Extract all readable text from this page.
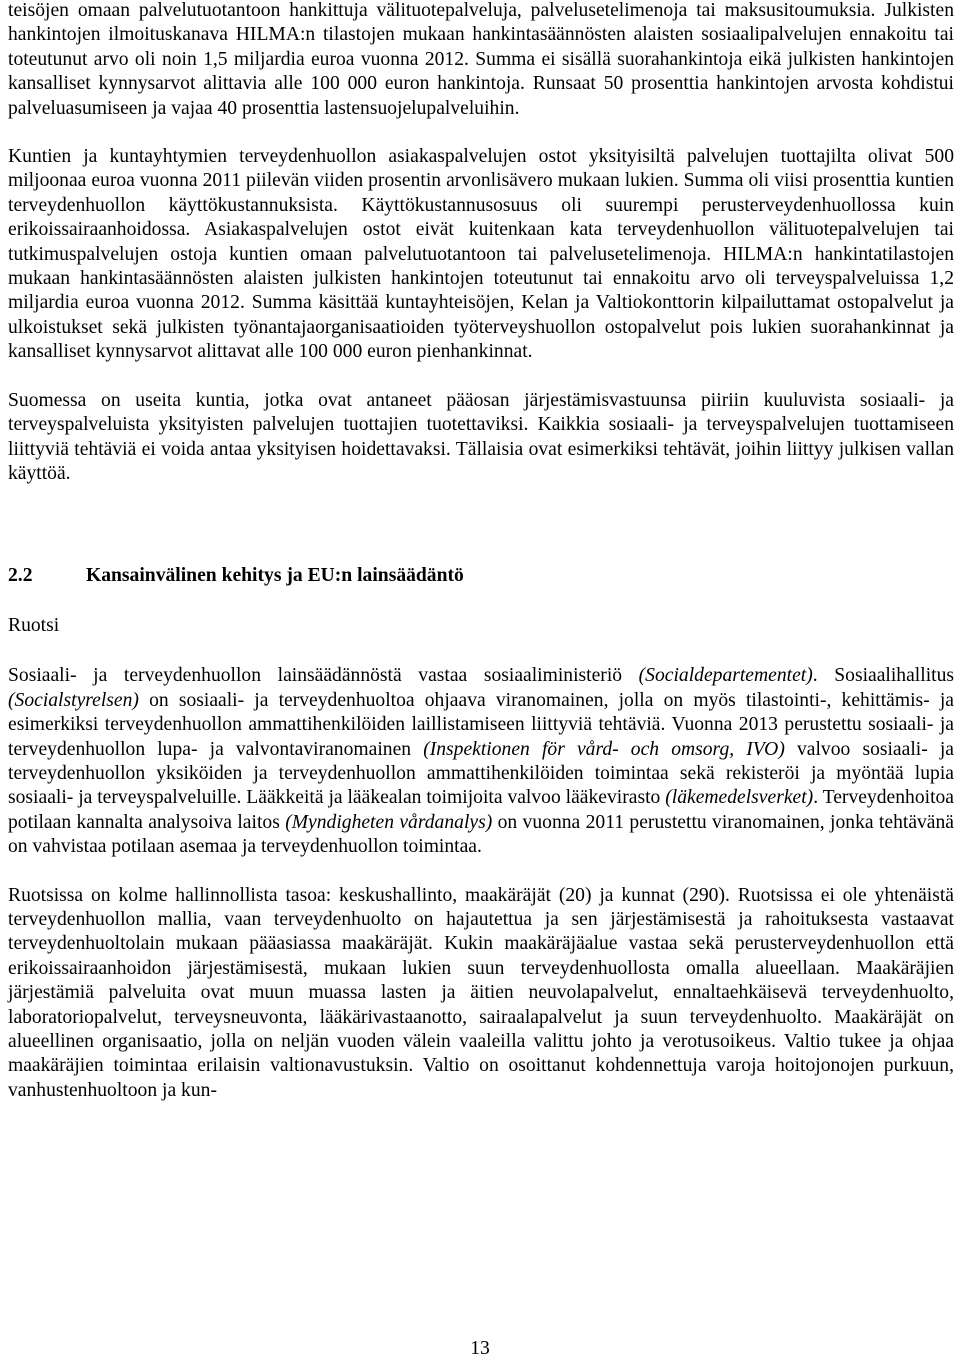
teisöjen omaan palvelutuotantoon hankittuja välituotepalveluja, palvelusetelimenoja tai maksusitoumuksia. Julkisten hankintojen ilmoituskanava HILMA:n tilastojen mukaan hankintasäännösten alaisten sosiaalipalvelujen ennakoitu tai toteutunut arvo oli noin 1,5 miljardia euroa vuonna 2012. Summa ei sisällä suorahankintoja eikä julkisten hankintojen kansalliset kynnysarvot alittavia alle 100 000 euron hankintoja. Runsaat 50 prosenttia hankintojen arvosta kohdistui palveluasumiseen ja vajaa 40 prosenttia lastensuojelupalveluihin.

Kuntien ja kuntayhtymien terveydenhuollon asiakaspalvelujen ostot yksityisiltä palvelujen tuottajilta olivat 500 miljoonaa euroa vuonna 2011 piilevän viiden prosentin arvonlisävero mukaan lukien. Summa oli viisi prosenttia kuntien terveydenhuollon käyttökustannuksista. Käyttökustannusosuus oli suurempi perusterveydenhuollossa kuin erikoissairaanhoidossa. Asiakaspalvelujen ostot eivät kuitenkaan kata terveydenhuollon välituotepalvelujen tai tutkimuspalvelujen ostoja kuntien omaan palvelutuotantoon tai palvelusetelimenoja. HILMA:n hankintatilastojen mukaan hankintasäännösten alaisten julkisten hankintojen toteutunut tai ennakoitu arvo oli terveyspalveluissa 1,2 miljardia euroa vuonna 2012. Summa käsittää kuntayhteisöjen, Kelan ja Valtiokonttorin kilpailuttamat ostopalvelut ja ulkoistukset sekä julkisten työnantajaorganisaatioiden työterveyshuollon ostopalvelut pois lukien suorahankinnat ja kansalliset kynnysarvot alittavat alle 100 000 euron pienhankinnat.

Suomessa on useita kuntia, jotka ovat antaneet pääosan järjestämisvastuunsa piiriin kuuluvista sosiaali- ja terveyspalveluista yksityisten palvelujen tuottajien tuotettaviksi. Kaikkia sosiaali- ja terveyspalvelujen tuottamiseen liittyviä tehtäviä ei voida antaa yksityisen hoidettavaksi. Tällaisia ovat esimerkiksi tehtävät, joihin liittyy julkisen vallan käyttöä.

2.2	Kansainvälinen kehitys ja EU:n lainsäädäntö
Ruotsi

Sosiaali- ja terveydenhuollon lainsäädännöstä vastaa sosiaaliministeriö (Socialdepartementet). Sosiaalihallitus (Socialstyrelsen) on sosiaali- ja terveydenhuoltoa ohjaava viranomainen, jolla on myös tilastointi-, kehittämis- ja esimerkiksi terveydenhuollon ammattihenkilöiden laillistamiseen liittyviä tehtäviä. Vuonna 2013 perustettu sosiaali- ja terveydenhuollon lupa- ja valvontaviranomainen (Inspektionen för vård- och omsorg, IVO) valvoo sosiaali- ja terveydenhuollon yksiköiden ja terveydenhuollon ammattihenkilöiden toimintaa sekä rekisteröi ja myöntää lupia sosiaali- ja terveyspalveluille. Lääkkeitä ja lääkealan toimijoita valvoo lääkevirasto (läkemedelsverket). Terveydenhoitoa potilaan kannalta analysoiva laitos (Myndigheten vårdanalys) on vuonna 2011 perustettu viranomainen, jonka tehtävänä on vahvistaa potilaan asemaa ja terveydenhuollon toimintaa.

Ruotsissa on kolme hallinnollista tasoa: keskushallinto, maakäräjät (20) ja kunnat (290). Ruotsissa ei ole yhtenäistä terveydenhuollon mallia, vaan terveydenhuolto on hajautettua ja sen järjestämisestä ja rahoituksesta vastaavat terveydenhuoltolain mukaan pääasiassa maakäräjät. Kukin maakäräjäalue vastaa sekä perusterveydenhuollon että erikoissairaanhoidon järjestämisestä, mukaan lukien suun terveydenhuollosta omalla alueellaan. Maakäräjien järjestämiä palveluita ovat muun muassa lasten ja äitien neuvolapalvelut, ennaltaehkäisevä terveydenhuolto, laboratoriopalvelut, terveysneuvonta, lääkärivastaanotto, sairaalapalvelut ja suun terveydenhuolto. Maakäräjät on alueellinen organisaatio, jolla on neljän vuoden välein vaaleilla valittu johto ja verotusoikeus. Valtio tukee ja ohjaa maakäräjien toimintaa erilaisin valtionavustuksin. Valtio on osoittanut kohdennettuja varoja hoitojonojen purkuun, vanhustenhuoltoon ja kun-

13
